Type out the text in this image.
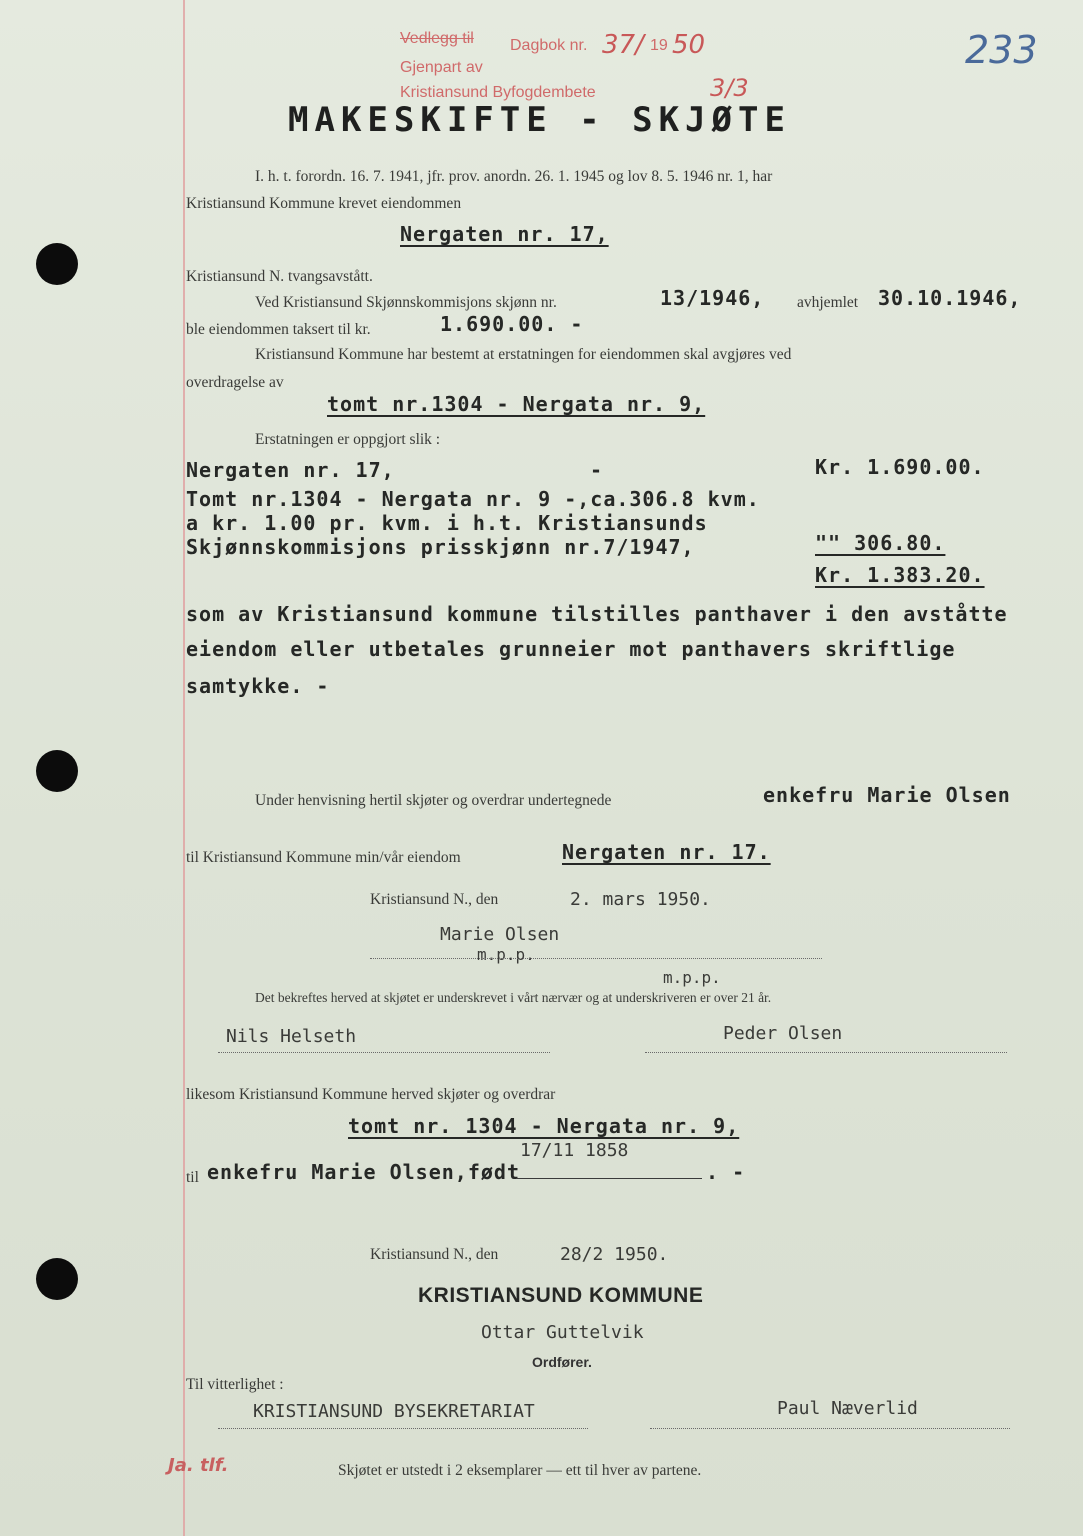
Vedlegg til Dagbok nr. 37/ 19 50
Gjenpart av
Kristiansund Byfogdembete	3/3
233
MAKESKIFTE - SKJØTE
I. h. t. forordn. 16. 7. 1941, jfr. prov. anordn. 26. 1. 1945 og lov 8. 5. 1946 nr. 1, har
Kristiansund Kommune krevet eiendommen
Nergaten nr. 17,
Kristiansund N. tvangsavstått.
Ved Kristiansund Skjønnskommisjons skjønn nr.	13/1946, avhjemlet 30.10.1946,
ble eiendommen taksert til kr.	1.690.00. -
Kristiansund Kommune har bestemt at erstatningen for eiendommen skal avgjøres ved
overdragelse av
tomt nr.1304 - Nergata nr. 9,
Erstatningen er oppgjort slik :
Nergaten nr. 17,	-	Kr. 1.690.00.
Tomt nr.1304 - Nergata nr. 9 -,ca.306.8 kvm.
a kr. 1.00 pr. kvm. i h.t. Kristiansunds
Skjønnskommisjons prisskjønn nr.7/1947,	"" 306.80.
Kr. 1.383.20.
som av Kristiansund kommune tilstilles panthaver i den avståtte
eiendom eller utbetales grunneier mot panthavers skriftlige
samtykke. -
Under henvisning hertil skjøter og overdrar undertegnede	enkefru Marie Olsen
til Kristiansund Kommune min/vår eiendom	Nergaten nr. 17.
Kristiansund N., den	2. mars 1950.
Marie Olsen
m.p.p.
m.p.p.
Det bekreftes herved at skjøtet er underskrevet i vårt nærvær og at underskriveren er over 21 år.
Nils Helseth	Peder Olsen
likesom Kristiansund Kommune herved skjøter og overdrar
tomt nr. 1304 - Nergata nr. 9,
17/11 1858
til enkefru Marie Olsen,født	. -
Kristiansund N., den	28/2 1950.
KRISTIANSUND KOMMUNE
Ottar Guttelvik
Ordfører.
Til vitterlighet :
KRISTIANSUND BYSEKRETARIAT	Paul Næverlid
Ja. tlf.	Skjøtet er utstedt i 2 eksemplarer — ett til hver av partene.
